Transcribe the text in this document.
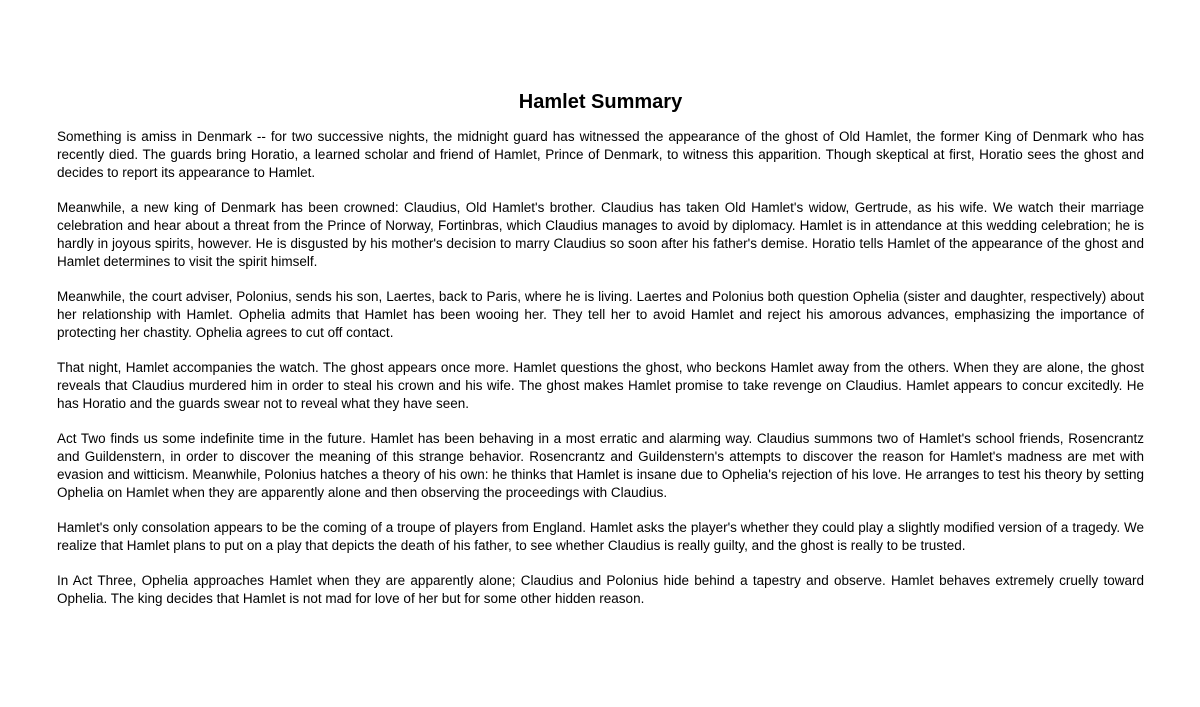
Hamlet Summary

Something is amiss in Denmark -- for two successive nights, the midnight guard has witnessed the appearance of the ghost of Old Hamlet, the former King of Denmark who has recently died. The guards bring Horatio, a learned scholar and friend of Hamlet, Prince of Denmark, to witness this apparition. Though skeptical at first, Horatio sees the ghost and decides to report its appearance to Hamlet.

Meanwhile, a new king of Denmark has been crowned: Claudius, Old Hamlet's brother. Claudius has taken Old Hamlet's widow, Gertrude, as his wife. We watch their marriage celebration and hear about a threat from the Prince of Norway, Fortinbras, which Claudius manages to avoid by diplomacy. Hamlet is in attendance at this wedding celebration; he is hardly in joyous spirits, however. He is disgusted by his mother's decision to marry Claudius so soon after his father's demise. Horatio tells Hamlet of the appearance of the ghost and Hamlet determines to visit the spirit himself.

Meanwhile, the court adviser, Polonius, sends his son, Laertes, back to Paris, where he is living. Laertes and Polonius both question Ophelia (sister and daughter, respectively) about her relationship with Hamlet. Ophelia admits that Hamlet has been wooing her. They tell her to avoid Hamlet and reject his amorous advances, emphasizing the importance of protecting her chastity. Ophelia agrees to cut off contact.

That night, Hamlet accompanies the watch. The ghost appears once more. Hamlet questions the ghost, who beckons Hamlet away from the others. When they are alone, the ghost reveals that Claudius murdered him in order to steal his crown and his wife. The ghost makes Hamlet promise to take revenge on Claudius. Hamlet appears to concur excitedly. He has Horatio and the guards swear not to reveal what they have seen.

Act Two finds us some indefinite time in the future. Hamlet has been behaving in a most erratic and alarming way. Claudius summons two of Hamlet's school friends, Rosencrantz and Guildenstern, in order to discover the meaning of this strange behavior. Rosencrantz and Guildenstern's attempts to discover the reason for Hamlet's madness are met with evasion and witticism. Meanwhile, Polonius hatches a theory of his own: he thinks that Hamlet is insane due to Ophelia's rejection of his love. He arranges to test his theory by setting Ophelia on Hamlet when they are apparently alone and then observing the proceedings with Claudius.

Hamlet's only consolation appears to be the coming of a troupe of players from England. Hamlet asks the player's whether they could play a slightly modified version of a tragedy. We realize that Hamlet plans to put on a play that depicts the death of his father, to see whether Claudius is really guilty, and the ghost is really to be trusted.

In Act Three, Ophelia approaches Hamlet when they are apparently alone; Claudius and Polonius hide behind a tapestry and observe. Hamlet behaves extremely cruelly toward Ophelia. The king decides that Hamlet is not mad for love of her but for some other hidden reason.
